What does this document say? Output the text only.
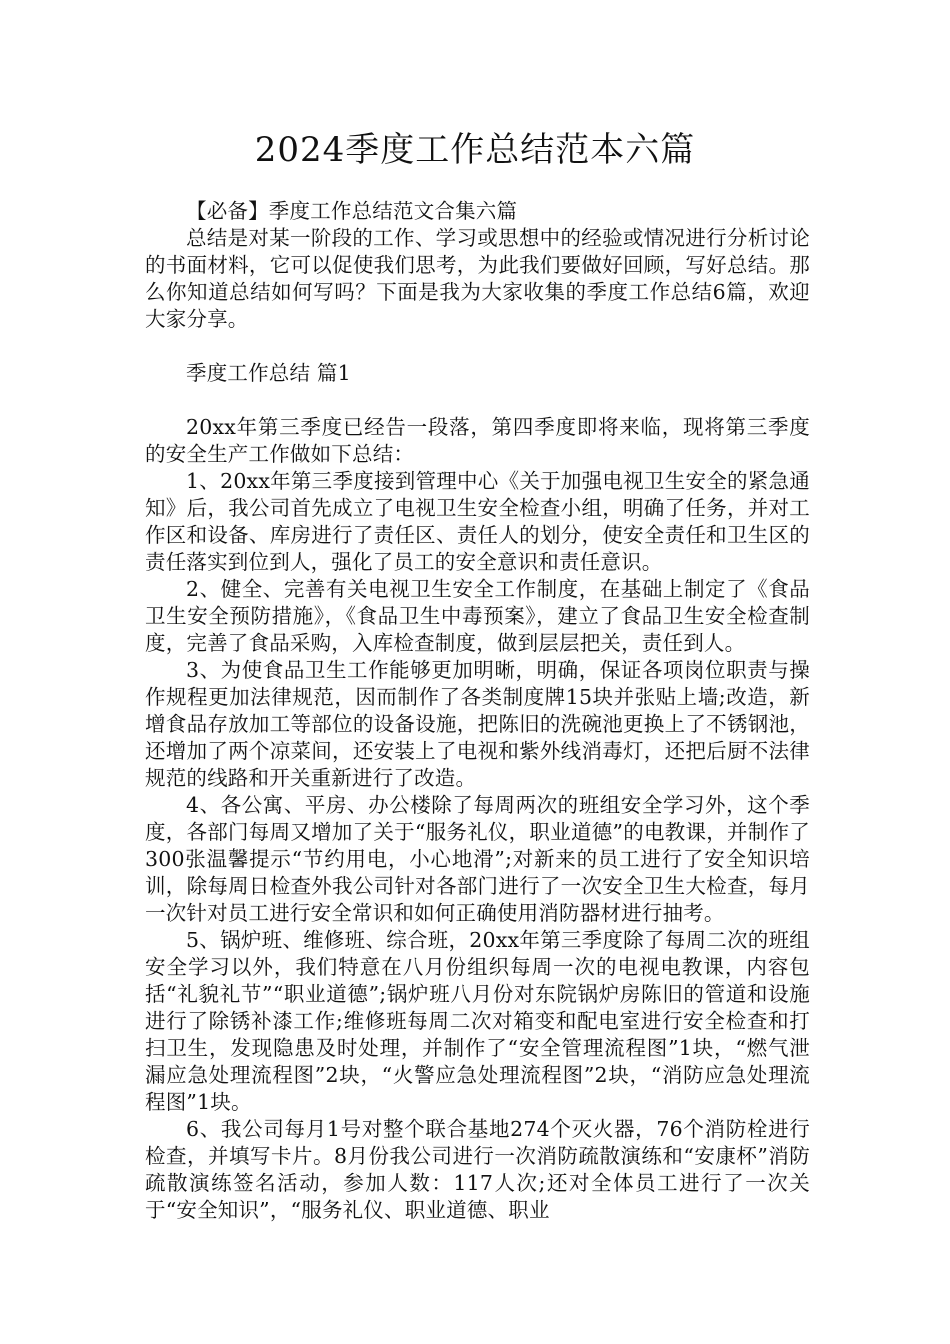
2024季度工作总结范本六篇

【必备】季度工作总结范文合集六篇

总结是对某一阶段的工作、学习或思想中的经验或情况进行分析讨论的书面材料，它可以促使我们思考，为此我们要做好回顾，写好总结。那么你知道总结如何写吗？下面是我为大家收集的季度工作总结6篇，欢迎大家分享。

季度工作总结 篇1

20xx年第三季度已经告一段落，第四季度即将来临，现将第三季度的安全生产工作做如下总结：

1、20xx年第三季度接到管理中心《关于加强电视卫生安全的紧急通知》后，我公司首先成立了电视卫生安全检查小组，明确了任务，并对工作区和设备、库房进行了责任区、责任人的划分，使安全责任和卫生区的责任落实到位到人，强化了员工的安全意识和责任意识。

2、健全、完善有关电视卫生安全工作制度，在基础上制定了《食品卫生安全预防措施》，《食品卫生中毒预案》，建立了食品卫生安全检查制度，完善了食品采购，入库检查制度，做到层层把关，责任到人。

3、为使食品卫生工作能够更加明晰，明确，保证各项岗位职责与操作规程更加法律规范，因而制作了各类制度牌15块并张贴上墙;改造，新增食品存放加工等部位的设备设施，把陈旧的洗碗池更换上了不锈钢池，还增加了两个凉菜间，还安装上了电视和紫外线消毒灯，还把后厨不法律规范的线路和开关重新进行了改造。

4、各公寓、平房、办公楼除了每周两次的班组安全学习外，这个季度，各部门每周又增加了关于“服务礼仪，职业道德”的电教课，并制作了300张温馨提示“节约用电，小心地滑”;对新来的员工进行了安全知识培训，除每周日检查外我公司针对各部门进行了一次安全卫生大检查，每月一次针对员工进行安全常识和如何正确使用消防器材进行抽考。

5、锅炉班、维修班、综合班，20xx年第三季度除了每周二次的班组安全学习以外，我们特意在八月份组织每周一次的电视电教课，内容包括“礼貌礼节”“职业道德”;锅炉班八月份对东院锅炉房陈旧的管道和设施进行了除锈补漆工作;维修班每周二次对箱变和配电室进行安全检查和打扫卫生，发现隐患及时处理，并制作了“安全管理流程图”1块，“燃气泄漏应急处理流程图”2块，“火警应急处理流程图”2块，“消防应急处理流程图”1块。

6、我公司每月1号对整个联合基地274个灭火器，76个消防栓进行检查，并填写卡片。8月份我公司进行一次消防疏散演练和“安康杯”消防疏散演练签名活动，参加人数：117人次;还对全体员工进行了一次关于“安全知识”，“服务礼仪、职业道德、职业
